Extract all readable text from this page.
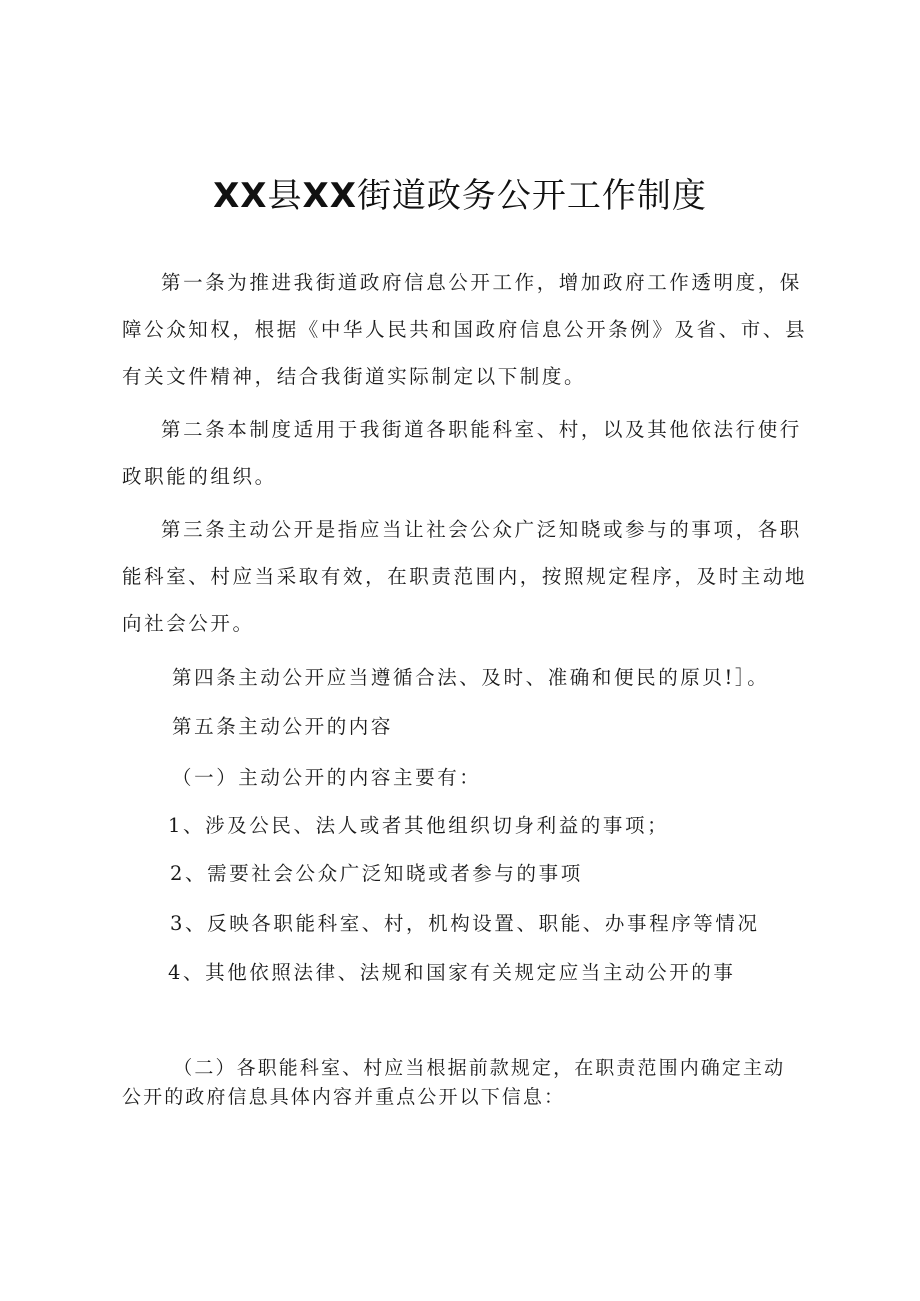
XX县XX街道政务公开工作制度

第一条为推进我街道政府信息公开工作，增加政府工作透明度，保障公众知权，根据《中华人民共和国政府信息公开条例》及省、市、县有关文件精神，结合我街道实际制定以下制度。

第二条本制度适用于我街道各职能科室、村，以及其他依法行使行政职能的组织。

第三条主动公开是指应当让社会公众广泛知晓或参与的事项，各职能科室、村应当采取有效，在职责范围内，按照规定程序，及时主动地向社会公开。

第四条主动公开应当遵循合法、及时、准确和便民的原贝!］。

第五条主动公开的内容

（一）主动公开的内容主要有：

1、涉及公民、法人或者其他组织切身利益的事项；

2、需要社会公众广泛知晓或者参与的事项

3、反映各职能科室、村，机构设置、职能、办事程序等情况

4、其他依照法律、法规和国家有关规定应当主动公开的事

（二）各职能科室、村应当根据前款规定，在职责范围内确定主动公开的政府信息具体内容并重点公开以下信息：
